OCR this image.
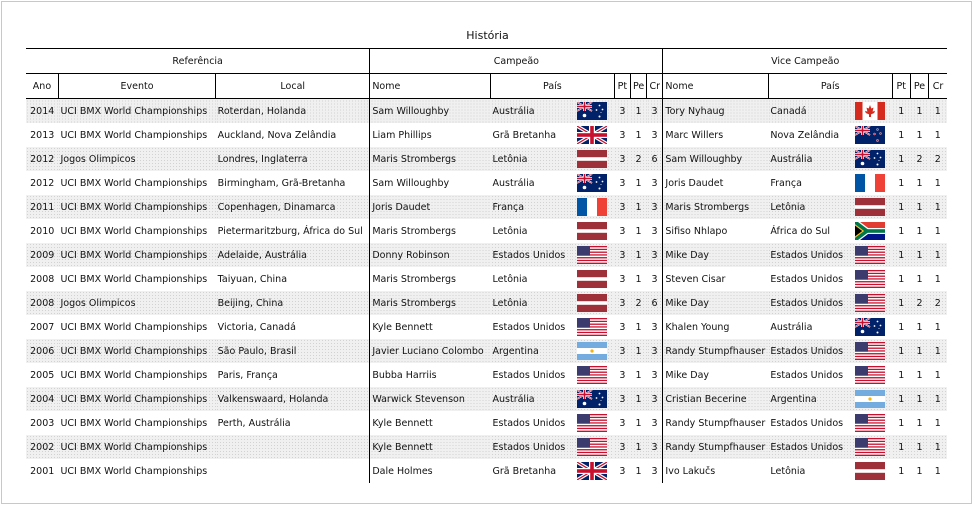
História
Referência			Campeão						Vice Campeão					
Ano	Evento	Local	Nome	País		Pt	Pe	Cr	Nome	País		Pt	Pe	Cr
2014	UCI BMX World Championships	Roterdan, Holanda	Sam Willoughby	Austrália		3	1	3	Tory Nyhaug	Canadá		1	1	1
2013	UCI BMX World Championships	Auckland, Nova Zelândia	Liam Phillips	Grã Bretanha		3	1	3	Marc Willers	Nova Zelândia		1	1	1
2012	Jogos Olimpicos	Londres, Inglaterra	Maris Strombergs	Letônia		3	2	6	Sam Willoughby	Austrália		1	2	2
2012	UCI BMX World Championships	Birmingham, Grã-Bretanha	Sam Willoughby	Austrália		3	1	3	Joris Daudet	França		1	1	1
2011	UCI BMX World Championships	Copenhagen, Dinamarca	Joris Daudet	França		3	1	3	Maris Strombergs	Letônia		1	1	1
2010	UCI BMX World Championships	Pietermaritzburg, África do Sul	Maris Strombergs	Letônia		3	1	3	Sifiso Nhlapo	África do Sul		1	1	1
2009	UCI BMX World Championships	Adelaide, Austrália	Donny Robinson	Estados Unidos		3	1	3	Mike Day	Estados Unidos		1	1	1
2008	UCI BMX World Championships	Taiyuan, China	Maris Strombergs	Letônia		3	1	3	Steven Cisar	Estados Unidos		1	1	1
2008	Jogos Olimpicos	Beijing, China	Maris Strombergs	Letônia		3	2	6	Mike Day	Estados Unidos		1	2	2
2007	UCI BMX World Championships	Victoria, Canadá	Kyle Bennett	Estados Unidos		3	1	3	Khalen Young	Austrália		1	1	1
2006	UCI BMX World Championships	São Paulo, Brasil	Javier Luciano Colombo	Argentina		3	1	3	Randy Stumpfhauser	Estados Unidos		1	1	1
2005	UCI BMX World Championships	Paris, França	Bubba Harriis	Estados Unidos		3	1	3	Mike Day	Estados Unidos		1	1	1
2004	UCI BMX World Championships	Valkenswaard, Holanda	Warwick Stevenson	Austrália		3	1	3	Cristian Becerine	Argentina		1	1	1
2003	UCI BMX World Championships	Perth, Austrália	Kyle Bennett	Estados Unidos		3	1	3	Randy Stumpfhauser	Estados Unidos		1	1	1
2002	UCI BMX World Championships		Kyle Bennett	Estados Unidos		3	1	3	Randy Stumpfhauser	Estados Unidos		1	1	1
2001	UCI BMX World Championships		Dale Holmes	Grã Bretanha		3	1	3	Ivo Lakučs	Letônia		1	1	1
